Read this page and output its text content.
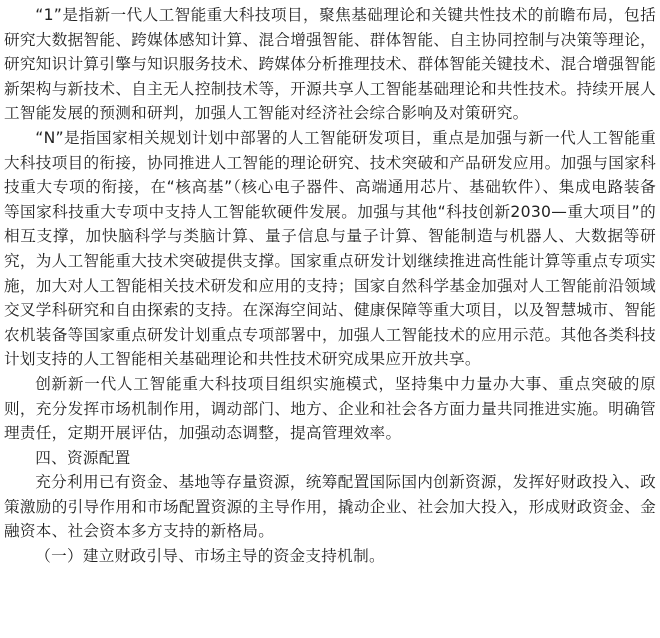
“1”是指新一代人工智能重大科技项目，聚焦基础理论和关键共性技术的前瞻布局，包括研究大数据智能、跨媒体感知计算、混合增强智能、群体智能、自主协同控制与决策等理论，研究知识计算引擎与知识服务技术、跨媒体分析推理技术、群体智能关键技术、混合增强智能新架构与新技术、自主无人控制技术等，开源共享人工智能基础理论和共性技术。持续开展人工智能发展的预测和研判，加强人工智能对经济社会综合影响及对策研究。

“N”是指国家相关规划计划中部署的人工智能研发项目，重点是加强与新一代人工智能重大科技项目的衔接，协同推进人工智能的理论研究、技术突破和产品研发应用。加强与国家科技重大专项的衔接，在“核高基”（核心电子器件、高端通用芯片、基础软件）、集成电路装备等国家科技重大专项中支持人工智能软硬件发展。加强与其他“科技创新2030—重大项目”的相互支撑，加快脑科学与类脑计算、量子信息与量子计算、智能制造与机器人、大数据等研究，为人工智能重大技术突破提供支撑。国家重点研发计划继续推进高性能计算等重点专项实施，加大对人工智能相关技术研发和应用的支持；国家自然科学基金加强对人工智能前沿领域交叉学科研究和自由探索的支持。在深海空间站、健康保障等重大项目，以及智慧城市、智能农机装备等国家重点研发计划重点专项部署中，加强人工智能技术的应用示范。其他各类科技计划支持的人工智能相关基础理论和共性技术研究成果应开放共享。

创新新一代人工智能重大科技项目组织实施模式，坚持集中力量办大事、重点突破的原则，充分发挥市场机制作用，调动部门、地方、企业和社会各方面力量共同推进实施。明确管理责任，定期开展评估，加强动态调整，提高管理效率。

四、资源配置

充分利用已有资金、基地等存量资源，统筹配置国际国内创新资源，发挥好财政投入、政策激励的引导作用和市场配置资源的主导作用，撬动企业、社会加大投入，形成财政资金、金融资本、社会资本多方支持的新格局。

（一）建立财政引导、市场主导的资金支持机制。
